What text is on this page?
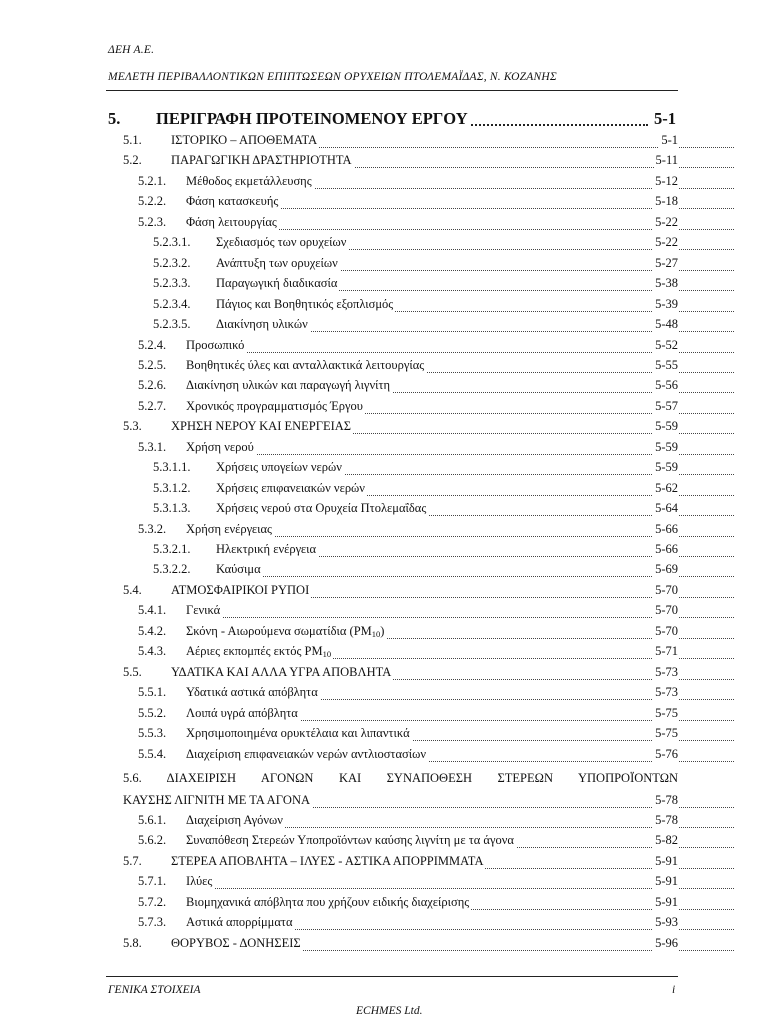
ΔΕΗ Α.Ε.
ΜΕΛΕΤΗ ΠΕΡΙΒΑΛΛΟΝΤΙΚΩΝ ΕΠΙΠΤΩΣΕΩΝ ΟΡΥΧΕΙΩΝ ΠΤΟΛΕΜΑΪΔΑΣ, Ν. ΚΟΖΑΝΗΣ
5. ΠΕΡΙΓΡΑΦΗ ΠΡΟΤΕΙΝΟΜΕΝΟΥ ΕΡΓΟΥ	5-1
5.1. ΙΣΤΟΡΙΚΟ – ΑΠΟΘΕΜΑΤΑ	5-1
5.2. ΠΑΡΑΓΩΓΙΚΗ ΔΡΑΣΤΗΡΙΟΤΗΤΑ	5-11
5.2.1. Μέθοδος εκμετάλλευσης	5-12
5.2.2. Φάση κατασκευής	5-18
5.2.3. Φάση λειτουργίας	5-22
5.2.3.1. Σχεδιασμός των ορυχείων	5-22
5.2.3.2. Ανάπτυξη των ορυχείων	5-27
5.2.3.3. Παραγωγική διαδικασία	5-38
5.2.3.4. Πάγιος και Βοηθητικός εξοπλισμός	5-39
5.2.3.5. Διακίνηση υλικών	5-48
5.2.4. Προσωπικό	5-52
5.2.5. Βοηθητικές ύλες και ανταλλακτικά λειτουργίας	5-55
5.2.6. Διακίνηση υλικών και παραγωγή λιγνίτη	5-56
5.2.7. Χρονικός προγραμματισμός Έργου	5-57
5.3. ΧΡΗΣΗ ΝΕΡΟΥ ΚΑΙ ΕΝΕΡΓΕΙΑΣ	5-59
5.3.1. Χρήση νερού	5-59
5.3.1.1. Χρήσεις υπογείων νερών	5-59
5.3.1.2. Χρήσεις επιφανειακών νερών	5-62
5.3.1.3. Χρήσεις νερού στα Ορυχεία Πτολεμαΐδας	5-64
5.3.2. Χρήση ενέργειας	5-66
5.3.2.1. Ηλεκτρική ενέργεια	5-66
5.3.2.2. Καύσιμα	5-69
5.4. ΑΤΜΟΣΦΑΙΡΙΚΟΙ ΡΥΠΟΙ	5-70
5.4.1. Γενικά	5-70
5.4.2. Σκόνη - Αιωρούμενα σωματίδια $(PM_{10})$	5-70
5.4.3. Αέριες εκπομπές εκτός $PM_{10}$	5-71
5.5. ΥΔΑΤΙΚΑ ΚΑΙ ΑΛΛΑ ΥΓΡΑ ΑΠΟΒΛΗΤΑ	5-73
5.5.1. Υδατικά αστικά απόβλητα	5-73
5.5.2. Λοιπά υγρά απόβλητα	5-75
5.5.3. Χρησιμοποιημένα ορυκτέλαια και λιπαντικά	5-75
5.5.4. Διαχείριση επιφανειακών νερών αντλιοστασίων	5-76
5.6. ΔΙΑΧΕΙΡΙΣΗ ΑΓΟΝΩΝ ΚΑΙ ΣΥΝΑΠΟΘΕΣΗ ΣΤΕΡΕΩΝ ΥΠΟΠΡΟΪΟΝΤΩΝ
ΚΑΥΣΗΣ ΛΙΓΝΙΤΗ ΜΕ ΤΑ ΑΓΟΝΑ	5-78
5.6.1. Διαχείριση Αγόνων	5-78
5.6.2. Συναπόθεση Στερεών Υποπροϊόντων καύσης λιγνίτη με τα άγονα	5-82
5.7. ΣΤΕΡΕΑ ΑΠΟΒΛΗΤΑ – ΙΛΥΕΣ - ΑΣΤΙΚΑ ΑΠΟΡΡΙΜΜΑΤΑ	5-91
5.7.1. Ιλύες	5-91
5.7.2. Βιομηχανικά απόβλητα που χρήζουν ειδικής διαχείρισης	5-91
5.7.3. Αστικά απορρίμματα	5-93
5.8. ΘΟΡΥΒΟΣ - ΔΟΝΗΣΕΙΣ	5-96
ΓΕΝΙΚΑ ΣΤΟΙΧΕΙΑ	i
ECHMES Ltd.
